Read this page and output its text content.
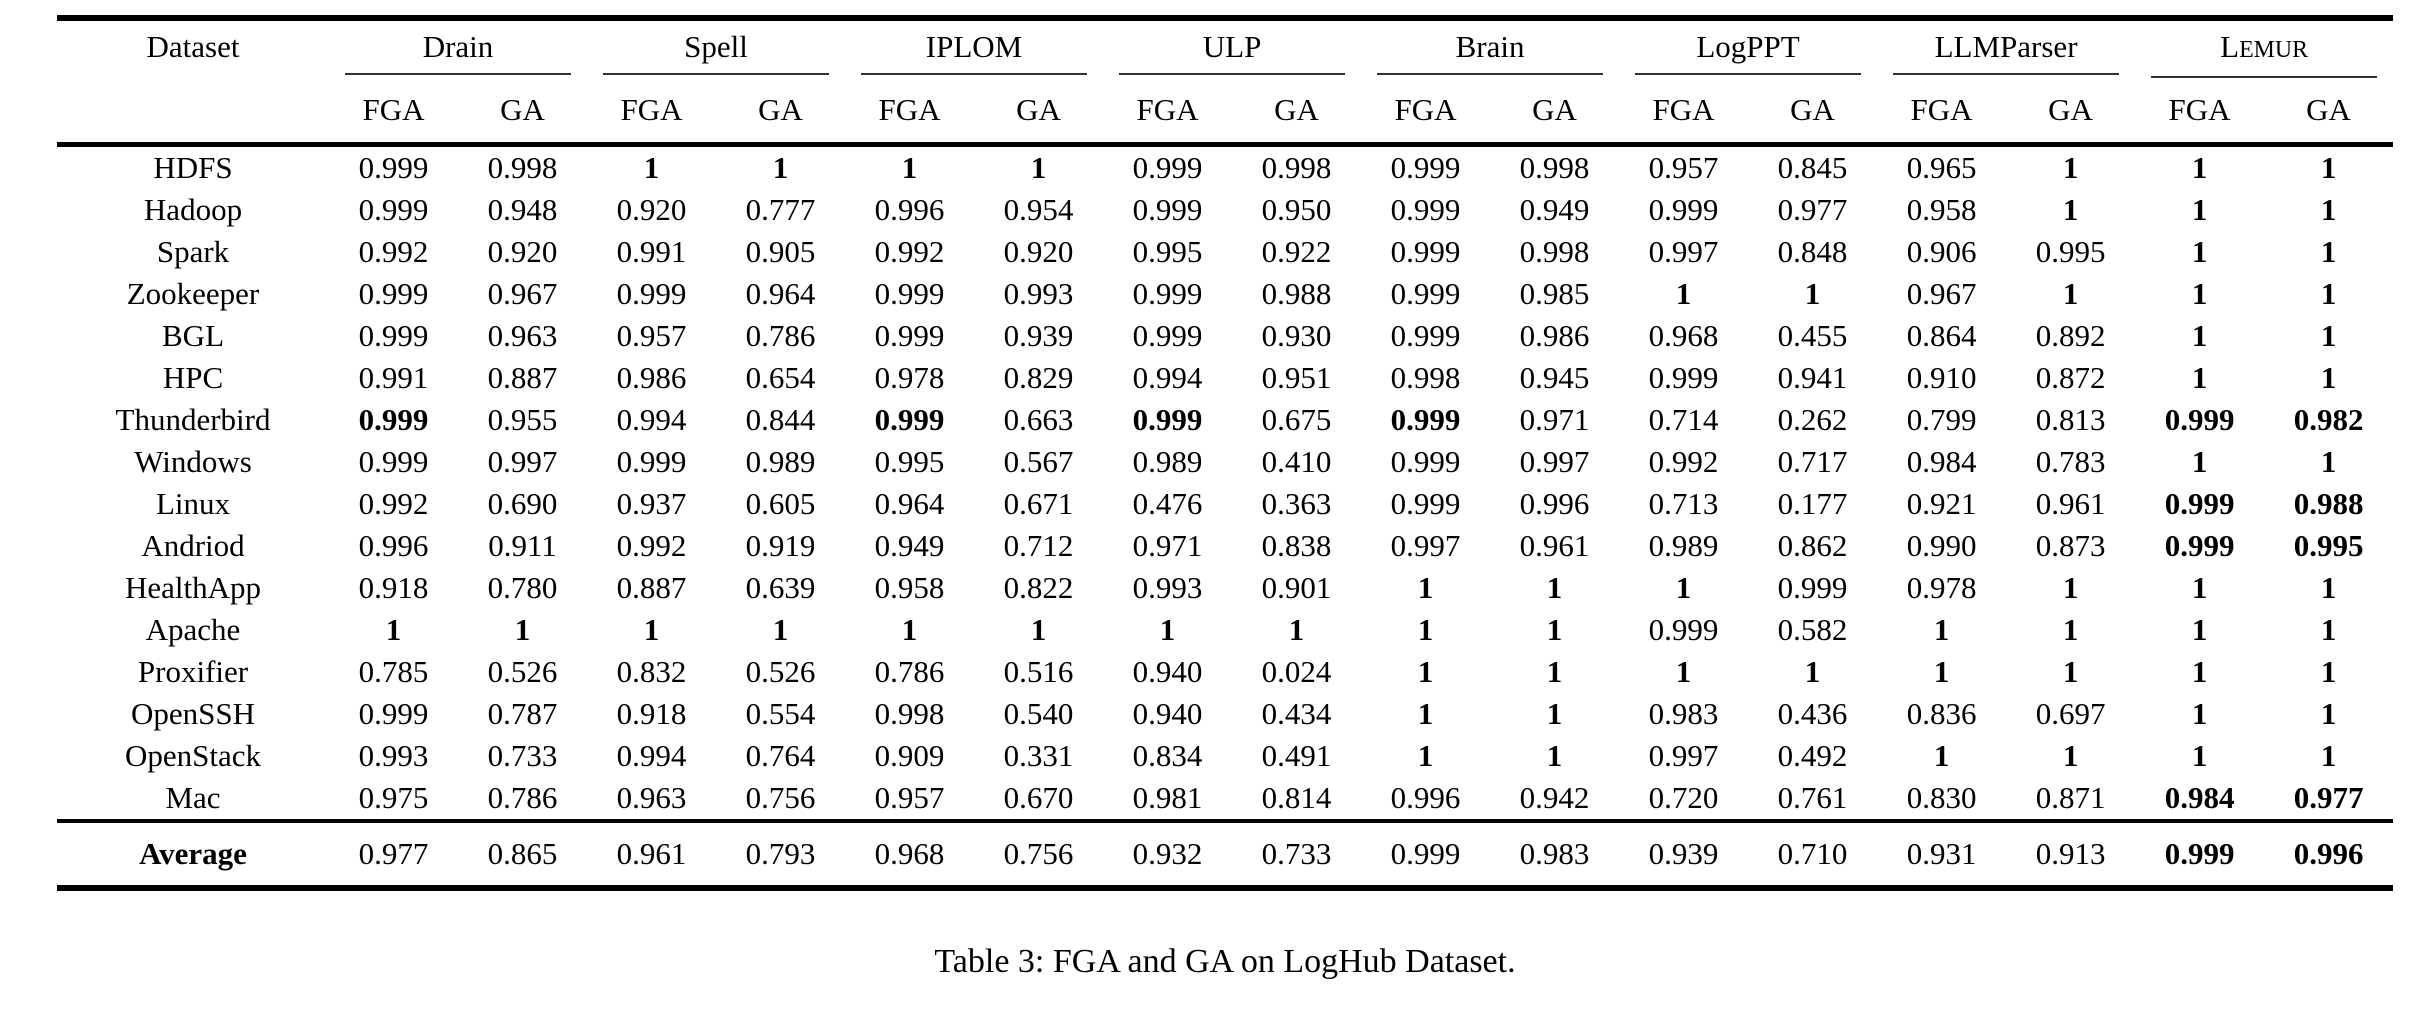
Dataset	Drain		Spell		IPLOM		ULP		Brain		LogPPT		LLMParser		LEMUR	

	FGA	GA	FGA	GA	FGA	GA	FGA	GA	FGA	GA	FGA	GA	FGA	GA	FGA	GA
HDFS	0.999	0.998	1	1	1	1	0.999	0.998	0.999	0.998	0.957	0.845	0.965	1	1	1
Hadoop	0.999	0.948	0.920	0.777	0.996	0.954	0.999	0.950	0.999	0.949	0.999	0.977	0.958	1	1	1
Spark	0.992	0.920	0.991	0.905	0.992	0.920	0.995	0.922	0.999	0.998	0.997	0.848	0.906	0.995	1	1
Zookeeper	0.999	0.967	0.999	0.964	0.999	0.993	0.999	0.988	0.999	0.985	1	1	0.967	1	1	1
BGL	0.999	0.963	0.957	0.786	0.999	0.939	0.999	0.930	0.999	0.986	0.968	0.455	0.864	0.892	1	1
HPC	0.991	0.887	0.986	0.654	0.978	0.829	0.994	0.951	0.998	0.945	0.999	0.941	0.910	0.872	1	1
Thunderbird	0.999	0.955	0.994	0.844	0.999	0.663	0.999	0.675	0.999	0.971	0.714	0.262	0.799	0.813	0.999	0.982
Windows	0.999	0.997	0.999	0.989	0.995	0.567	0.989	0.410	0.999	0.997	0.992	0.717	0.984	0.783	1	1
Linux	0.992	0.690	0.937	0.605	0.964	0.671	0.476	0.363	0.999	0.996	0.713	0.177	0.921	0.961	0.999	0.988
Andriod	0.996	0.911	0.992	0.919	0.949	0.712	0.971	0.838	0.997	0.961	0.989	0.862	0.990	0.873	0.999	0.995
HealthApp	0.918	0.780	0.887	0.639	0.958	0.822	0.993	0.901	1	1	1	0.999	0.978	1	1	1
Apache	1	1	1	1	1	1	1	1	1	1	0.999	0.582	1	1	1	1
Proxifier	0.785	0.526	0.832	0.526	0.786	0.516	0.940	0.024	1	1	1	1	1	1	1	1
OpenSSH	0.999	0.787	0.918	0.554	0.998	0.540	0.940	0.434	1	1	0.983	0.436	0.836	0.697	1	1
OpenStack	0.993	0.733	0.994	0.764	0.909	0.331	0.834	0.491	1	1	0.997	0.492	1	1	1	1
Mac	0.975	0.786	0.963	0.756	0.957	0.670	0.981	0.814	0.996	0.942	0.720	0.761	0.830	0.871	0.984	0.977
Average	0.977	0.865	0.961	0.793	0.968	0.756	0.932	0.733	0.999	0.983	0.939	0.710	0.931	0.913	0.999	0.996
Table 3: FGA and GA on LogHub Dataset.
